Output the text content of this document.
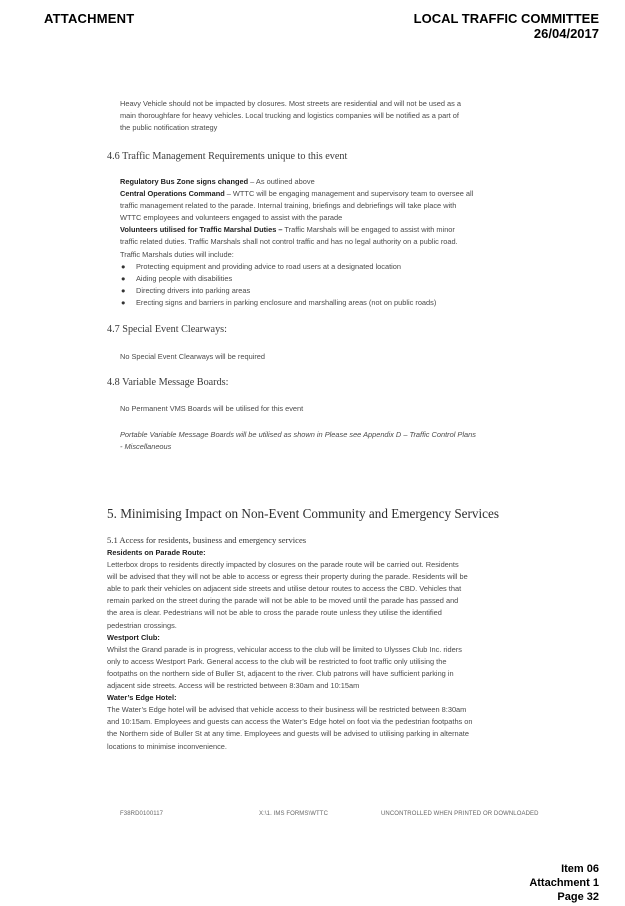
ATTACHMENT	LOCAL TRAFFIC COMMITTEE
26/04/2017

Heavy Vehicle should not be impacted by closures. Most streets are residential and will not be used as a

main thoroughfare for heavy vehicles. Local trucking and logistics companies will be notified as a part of

the public notification strategy

4.6 Traffic Management Requirements unique to this event

Regulatory Bus Zone signs changed – As outlined above

Central Operations Command – WTTC will be engaging management and supervisory team to oversee all

traffic management related to the parade. Internal training, briefings and debriefings will take place with

WTTC employees and volunteers engaged to assist with the parade

Volunteers utilised for Traffic Marshal Duties – Traffic Marshals will be engaged to assist with minor

traffic related duties. Traffic Marshals shall not control traffic and has no legal authority on a public road.

Traffic Marshals duties will include:

● Protecting equipment and providing advice to road users at a designated location
● Aiding people with disabilities
● Directing drivers into parking areas
● Erecting signs and barriers in parking enclosure and marshalling areas (not on public roads)
4.7 Special Event Clearways:

No Special Event Clearways will be required

4.8 Variable Message Boards:

No Permanent VMS Boards will be utilised for this event

Portable Variable Message Boards will be utilised as shown in Please see Appendix D – Traffic Control Plans

- Miscellaneous

5. Minimising Impact on Non-Event Community and Emergency Services
5.1 Access for residents, business and emergency services

Residents on Parade Route:

Letterbox drops to residents directly impacted by closures on the parade route will be carried out. Residents

will be advised that they will not be able to access or egress their property during the parade. Residents will be

able to park their vehicles on adjacent side streets and utilise detour routes to access the CBD. Vehicles that

remain parked on the street during the parade will not be able to be moved until the parade has passed and

the area is clear. Pedestrians will not be able to cross the parade route unless they utilise the identified

pedestrian crossings.

Westport Club:

Whilst the Grand parade is in progress, vehicular access to the club will be limited to Ulysses Club Inc. riders

only to access Westport Park. General access to the club will be restricted to foot traffic only utilising the

footpaths on the northern side of Buller St, adjacent to the river. Club patrons will have sufficient parking in

adjacent side streets. Access will be restricted between 8:30am and 10:15am

Water’s Edge Hotel:

The Water’s Edge hotel will be advised that vehicle access to their business will be restricted between 8:30am

and 10:15am. Employees and guests can access the Water’s Edge hotel on foot via the pedestrian footpaths on

the Northern side of Buller St at any time. Employees and guests will be advised to utilising parking in alternate

locations to minimise inconvenience.

F38RD0100117	X:\1. IMS FORMS\WTTC	UNCONTROLLED WHEN PRINTED OR DOWNLOADED
Item 06
Attachment 1
Page 32
